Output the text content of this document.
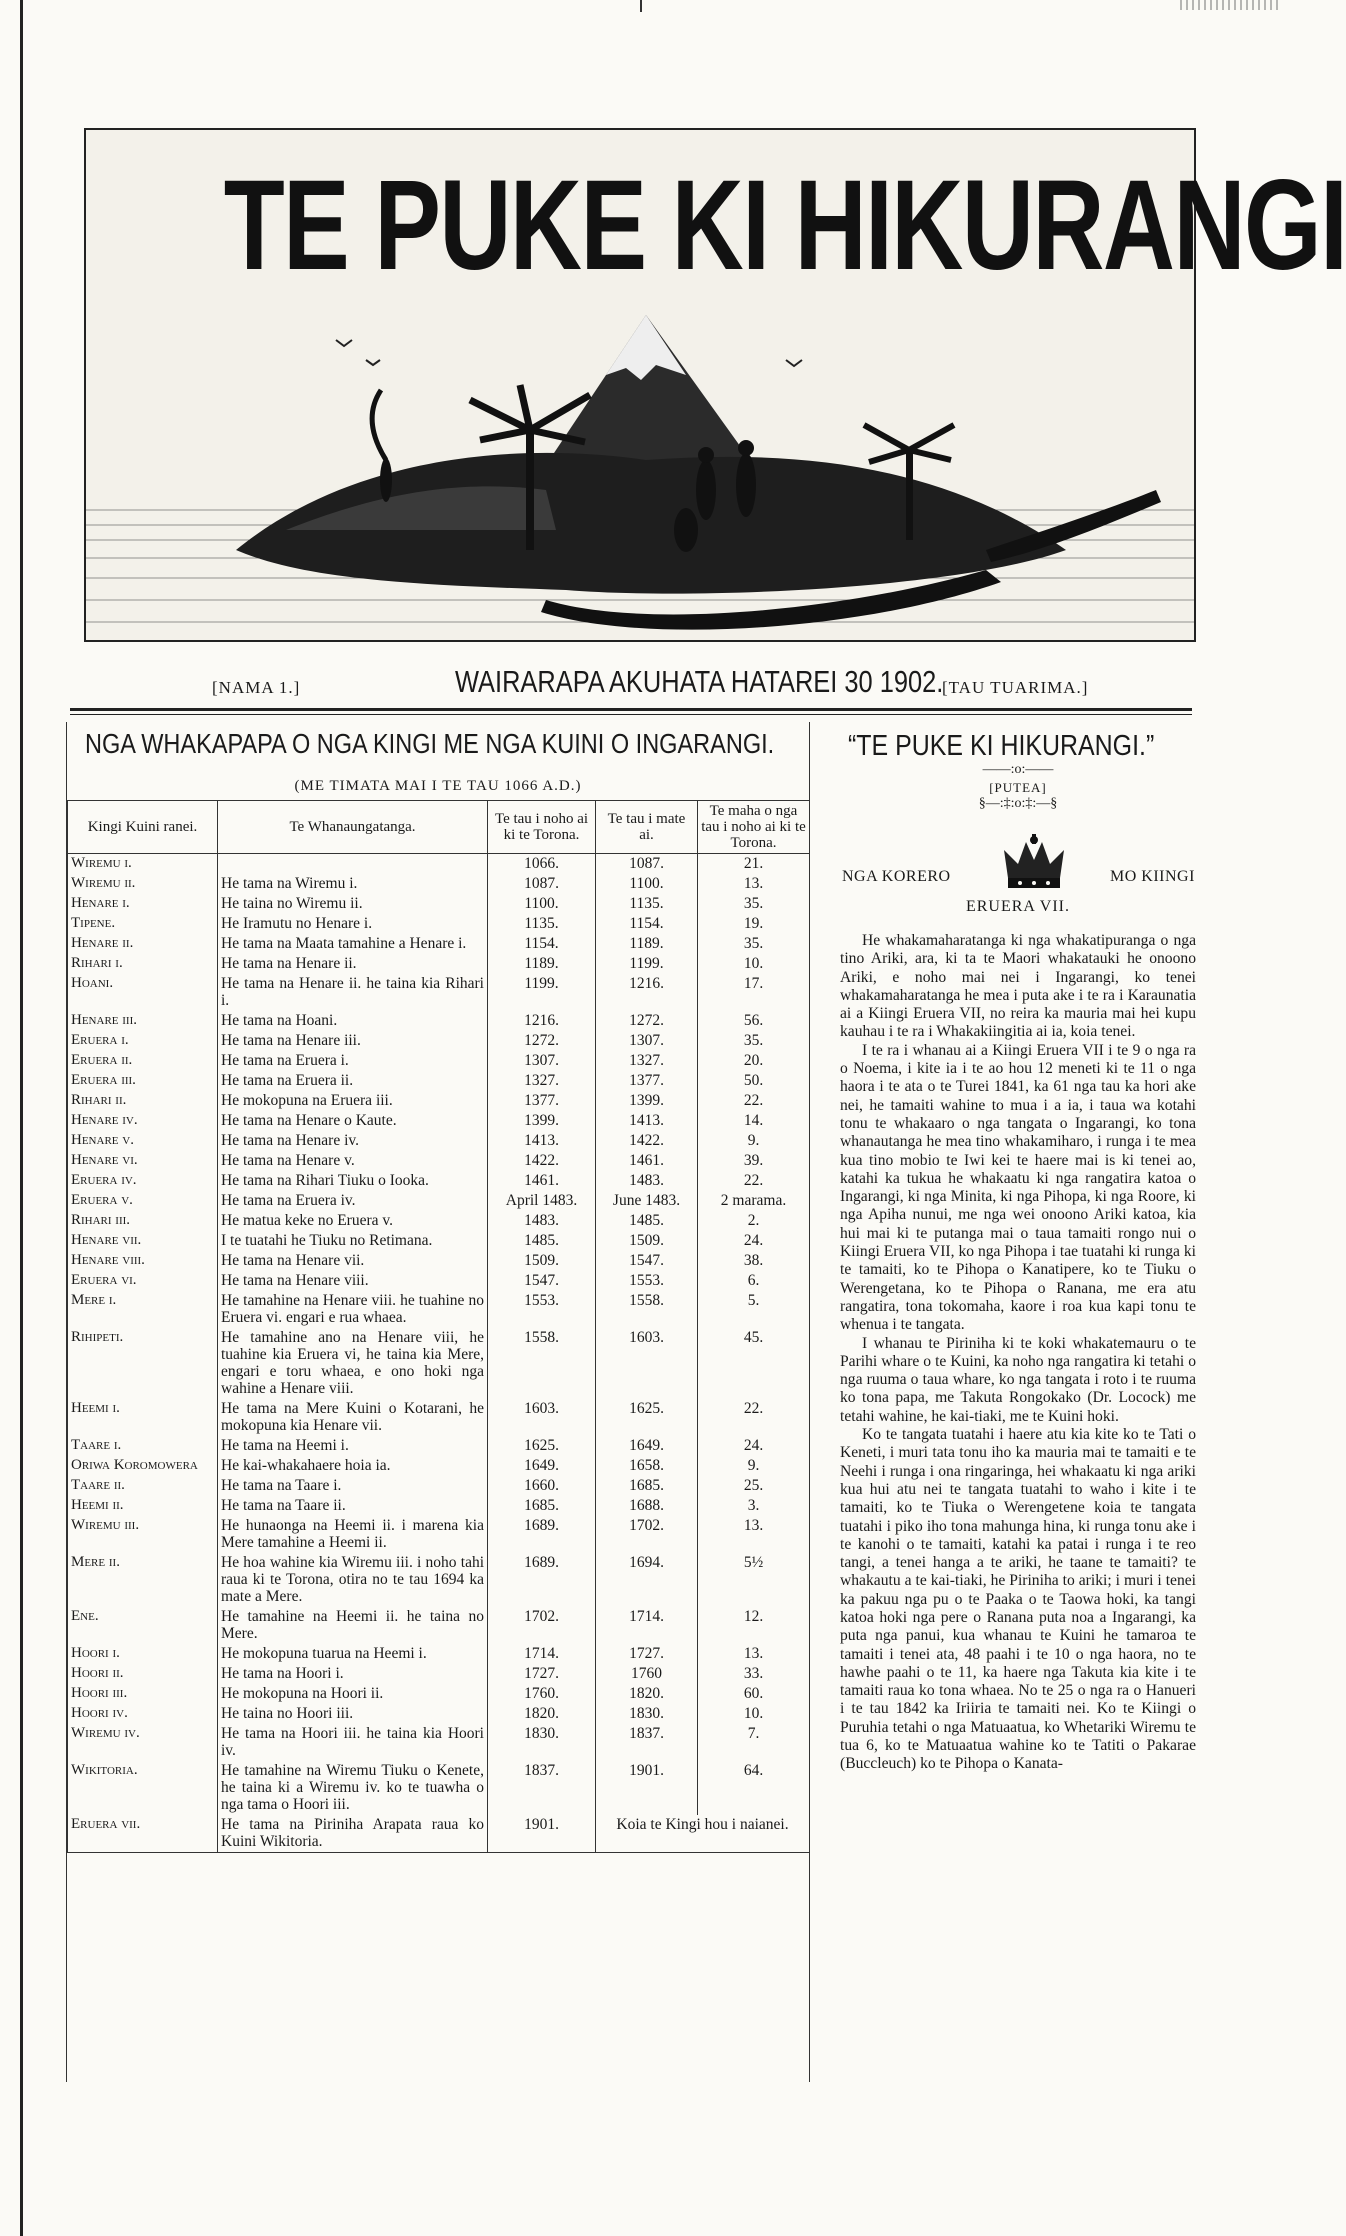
TE PUKE KI HIKURANGI
[NAMA 1.]	WAIRARAPA AKUHATA HATAREI 30 1902.
[TAU TUARIMA.]
NGA WHAKAPAPA O NGA KINGI ME NGA KUINI O INGARANGI.
(ME TIMATA MAI I TE TAU 1066 A.D.)
Kingi Kuini ranei.	Te Whanaungatanga.	Te tau i noho ai ki te Torona.	Te tau i mate ai.	Te maha o nga tau i noho ai ki te Torona.
Wiremu i.		1066.	1087.	21.
Wiremu ii.	He tama na Wiremu i.	1087.	1100.	13.
Henare i.	He taina no Wiremu ii.	1100.	1135.	35.
Tipene.	He Iramutu no Henare i.	1135.	1154.	19.
Henare ii.	He tama na Maata tamahine a Henare i.	1154.	1189.	35.
Rihari i.	He tama na Henare ii.	1189.	1199.	10.
Hoani.	He tama na Henare ii. he taina kia Rihari i.	1199.	1216.	17.
Henare iii.	He tama na Hoani.	1216.	1272.	56.
Eruera i.	He tama na Henare iii.	1272.	1307.	35.
Eruera ii.	He tama na Eruera i.	1307.	1327.	20.
Eruera iii.	He tama na Eruera ii.	1327.	1377.	50.
Rihari ii.	He mokopuna na Eruera iii.	1377.	1399.	22.
Henare iv.	He tama na Henare o Kaute.	1399.	1413.	14.
Henare v.	He tama na Henare iv.	1413.	1422.	9.
Henare vi.	He tama na Henare v.	1422.	1461.	39.
Eruera iv.	He tama na Rihari Tiuku o Iooka.	1461.	1483.	22.
Eruera v.	He tama na Eruera iv.	April 1483.	June 1483.	2 marama.
Rihari iii.	He matua keke no Eruera v.	1483.	1485.	2.
Henare vii.	I te tuatahi he Tiuku no Retimana.	1485.	1509.	24.
Henare viii.	He tama na Henare vii.	1509.	1547.	38.
Eruera vi.	He tama na Henare viii.	1547.	1553.	6.
Mere i.	He tamahine na Henare viii. he tuahine no Eruera vi. engari e rua whaea.	1553.	1558.	5.
Rihipeti.	He tamahine ano na Henare viii, he tuahine kia Eruera vi, he taina kia Mere, engari e toru whaea, e ono hoki nga wahine a Henare viii.	1558.	1603.	45.
Heemi i.	He tama na Mere Kuini o Kotarani, he mokopuna kia Henare vii.	1603.	1625.	22.
Taare i.	He tama na Heemi i.	1625.	1649.	24.
Oriwa Koromowera	He kai-whakahaere hoia ia.	1649.	1658.	9.
Taare ii.	He tama na Taare i.	1660.	1685.	25.
Heemi ii.	He tama na Taare ii.	1685.	1688.	3.
Wiremu iii.	He hunaonga na Heemi ii. i marena kia Mere tamahine a Heemi ii.	1689.	1702.	13.
Mere ii.	He hoa wahine kia Wiremu iii. i noho tahi raua ki te Torona, otira no te tau 1694 ka mate a Mere.	1689.	1694.	5½
Ene.	He tamahine na Heemi ii. he taina no Mere.	1702.	1714.	12.
Hoori i.	He mokopuna tuarua na Heemi i.	1714.	1727.	13.
Hoori ii.	He tama na Hoori i.	1727.	1760	33.
Hoori iii.	He mokopuna na Hoori ii.	1760.	1820.	60.
Hoori iv.	He taina no Hoori iii.	1820.	1830.	10.
Wiremu iv.	He tama na Hoori iii. he taina kia Hoori iv.	1830.	1837.	7.
Wikitoria.	He tamahine na Wiremu Tiuku o Kenete, he taina ki a Wiremu iv. ko te tuawha o nga tama o Hoori iii.	1837.	1901.	64.
Eruera vii.	He tama na Piriniha Arapata raua ko Kuini Wikitoria.	1901.	Koia te Kingi hou i naianei.	
“TE PUKE KI HIKURANGI.”
——:o:——
[PUTEA]
§—:‡:o:‡:—§
NGA KORERO	MO KIINGI
ERUERA VII.

He whakamaharatanga ki nga whakatipuranga o nga tino Ariki, ara, ki ta te Maori whakatauki he onoono Ariki, e noho mai nei i Ingarangi, ko tenei whakamaharatanga he mea i puta ake i te ra i Karaunatia ai a Kiingi Eruera VII, no reira ka mauria mai hei kupu kauhau i te ra i Whakakiingitia ai ia, koia tenei.

I te ra i whanau ai a Kiingi Eruera VII i te 9 o nga ra o Noema, i kite ia i te ao hou 12 meneti ki te 11 o nga haora i te ata o te Turei 1841, ka 61 nga tau ka hori ake nei, he tamaiti wahine to mua i a ia, i taua wa kotahi tonu te whakaaro o nga tangata o Ingarangi, ko tona whanautanga he mea tino whakamiharo, i runga i te mea kua tino mobio te Iwi kei te haere mai is ki tenei ao, katahi ka tukua he whakaatu ki nga rangatira katoa o Ingarangi, ki nga Minita, ki nga Pihopa, ki nga Roore, ki nga Apiha nunui, me nga wei onoono Ariki katoa, kia hui mai ki te putanga mai o taua tamaiti rongo nui o Kiingi Eruera VII, ko nga Pihopa i tae tuatahi ki runga ki te tamaiti, ko te Pihopa o Kanatipere, ko te Tiuku o Werengetana, ko te Pihopa o Ranana, me era atu rangatira, tona tokomaha, kaore i roa kua kapi tonu te whenua i te tangata.

I whanau te Piriniha ki te koki whakatemauru o te Parihi whare o te Kuini, ka noho nga rangatira ki tetahi o nga ruuma o taua whare, ko nga tangata i roto i te ruuma ko tona papa, me Takuta Rongokako (Dr. Locock) me tetahi wahine, he kai-tiaki, me te Kuini hoki.

Ko te tangata tuatahi i haere atu kia kite ko te Tati o Keneti, i muri tata tonu iho ka mauria mai te tamaiti e te Neehi i runga i ona ringaringa, hei whakaatu ki nga ariki kua hui atu nei te tangata tuatahi to waho i kite i te tamaiti, ko te Tiuka o Werengetene koia te tangata tuatahi i piko iho tona mahunga hina, ki runga tonu ake i te kanohi o te tamaiti, katahi ka patai i runga i te reo tangi, a tenei hanga a te ariki, he taane te tamaiti? te whakautu a te kai-tiaki, he Piriniha to ariki; i muri i tenei ka pakuu nga pu o te Paaka o te Taowa hoki, ka tangi katoa hoki nga pere o Ranana puta noa a Ingarangi, ka puta nga panui, kua whanau te Kuini he tamaroa te tamaiti i tenei ata, 48 paahi i te 10 o nga haora, no te hawhe paahi o te 11, ka haere nga Takuta kia kite i te tamaiti raua ko tona whaea. No te 25 o nga ra o Hanueri i te tau 1842 ka Iriiria te tamaiti nei. Ko te Kiingi o Puruhia tetahi o nga Matuaatua, ko Whetariki Wiremu te tua 6, ko te Matuaatua wahine ko te Tatiti o Pakarae (Buccleuch) ko te Pihopa o Kanata-
